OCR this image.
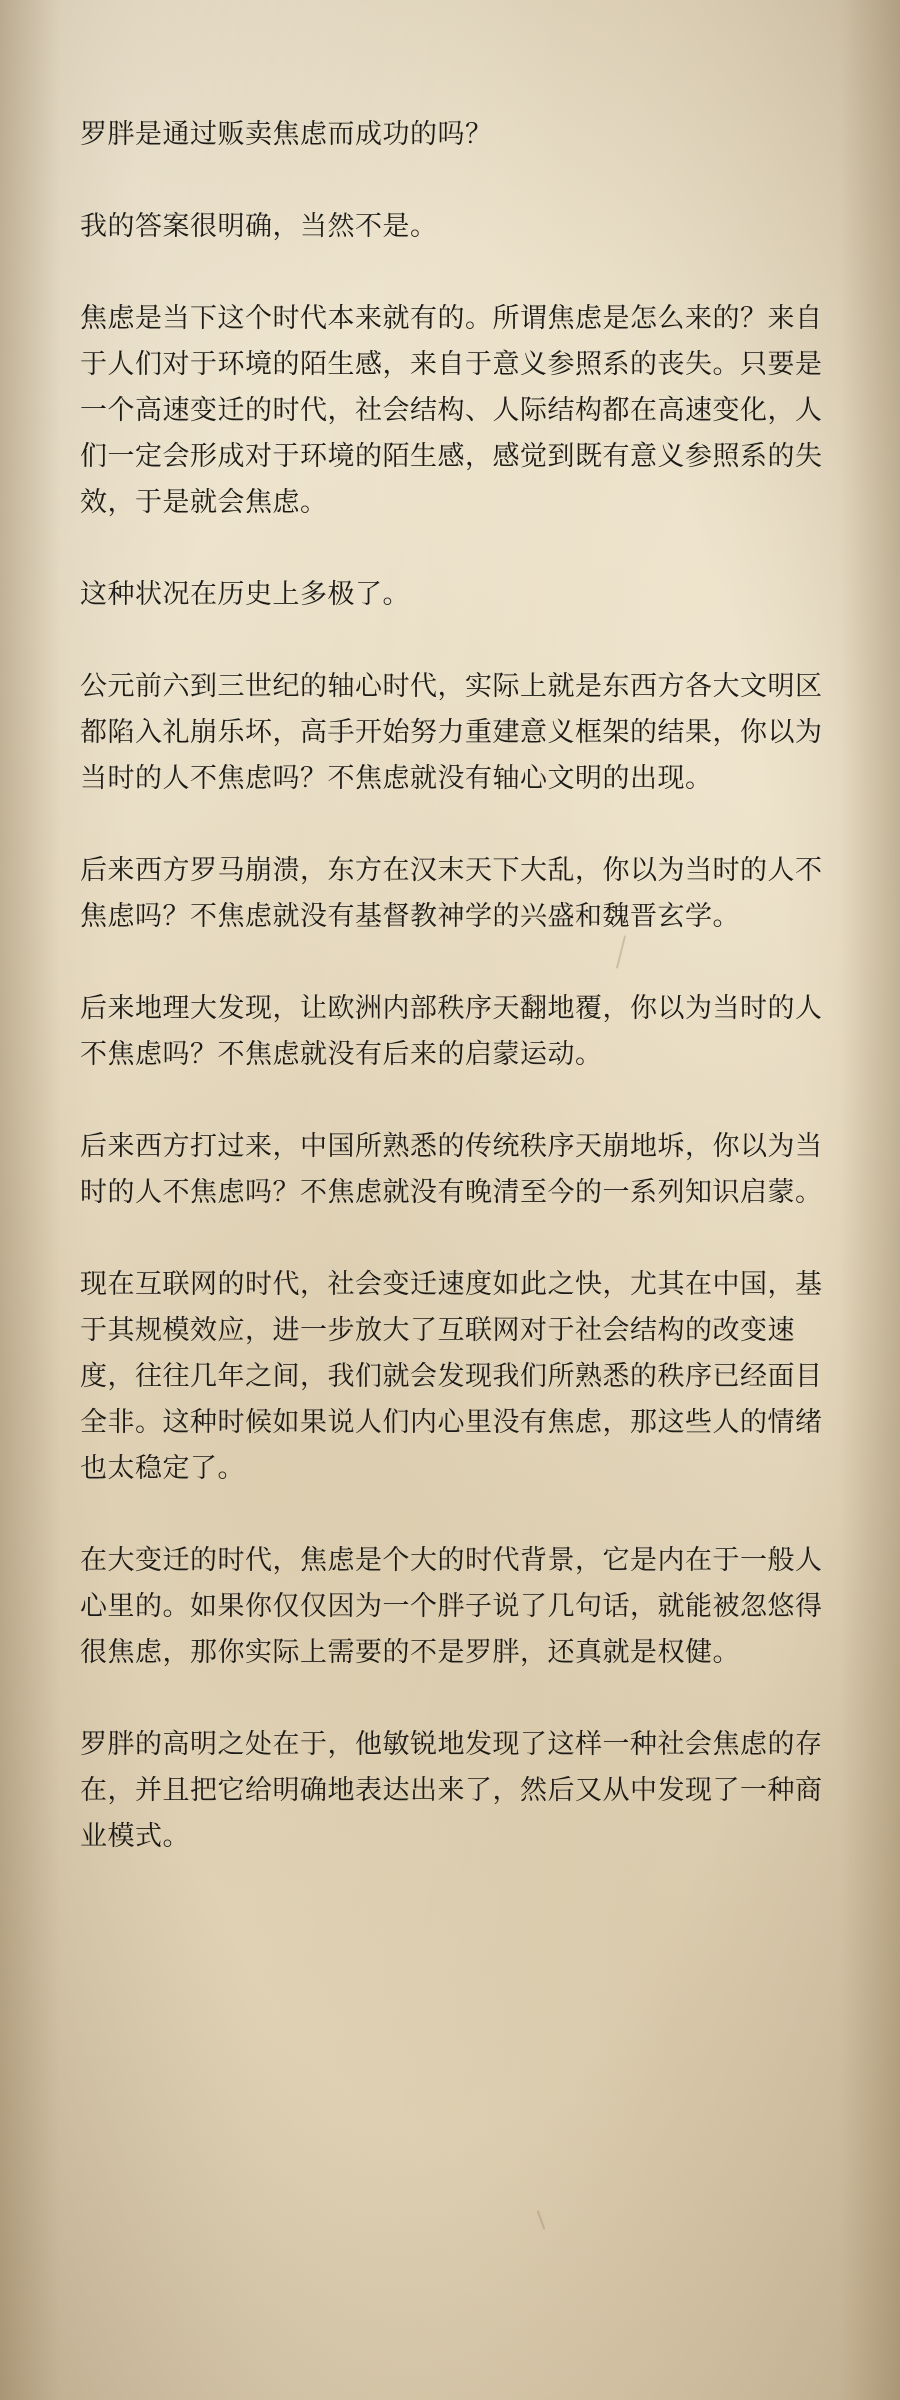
罗胖是通过贩卖焦虑而成功的吗？

我的答案很明确，当然不是。

焦虑是当下这个时代本来就有的。所谓焦虑是怎么来的？来自于人们对于环境的陌生感，来自于意义参照系的丧失。只要是一个高速变迁的时代，社会结构、人际结构都在高速变化，人们一定会形成对于环境的陌生感，感觉到既有意义参照系的失效，于是就会焦虑。

这种状况在历史上多极了。

公元前六到三世纪的轴心时代，实际上就是东西方各大文明区都陷入礼崩乐坏，高手开始努力重建意义框架的结果，你以为当时的人不焦虑吗？不焦虑就没有轴心文明的出现。

后来西方罗马崩溃，东方在汉末天下大乱，你以为当时的人不焦虑吗？不焦虑就没有基督教神学的兴盛和魏晋玄学。

后来地理大发现，让欧洲内部秩序天翻地覆，你以为当时的人不焦虑吗？不焦虑就没有后来的启蒙运动。

后来西方打过来，中国所熟悉的传统秩序天崩地坼，你以为当时的人不焦虑吗？不焦虑就没有晚清至今的一系列知识启蒙。

现在互联网的时代，社会变迁速度如此之快，尤其在中国，基于其规模效应，进一步放大了互联网对于社会结构的改变速度，往往几年之间，我们就会发现我们所熟悉的秩序已经面目全非。这种时候如果说人们内心里没有焦虑，那这些人的情绪也太稳定了。

在大变迁的时代，焦虑是个大的时代背景，它是内在于一般人心里的。如果你仅仅因为一个胖子说了几句话，就能被忽悠得很焦虑，那你实际上需要的不是罗胖，还真就是权健。

罗胖的高明之处在于，他敏锐地发现了这样一种社会焦虑的存在，并且把它给明确地表达出来了，然后又从中发现了一种商业模式。
